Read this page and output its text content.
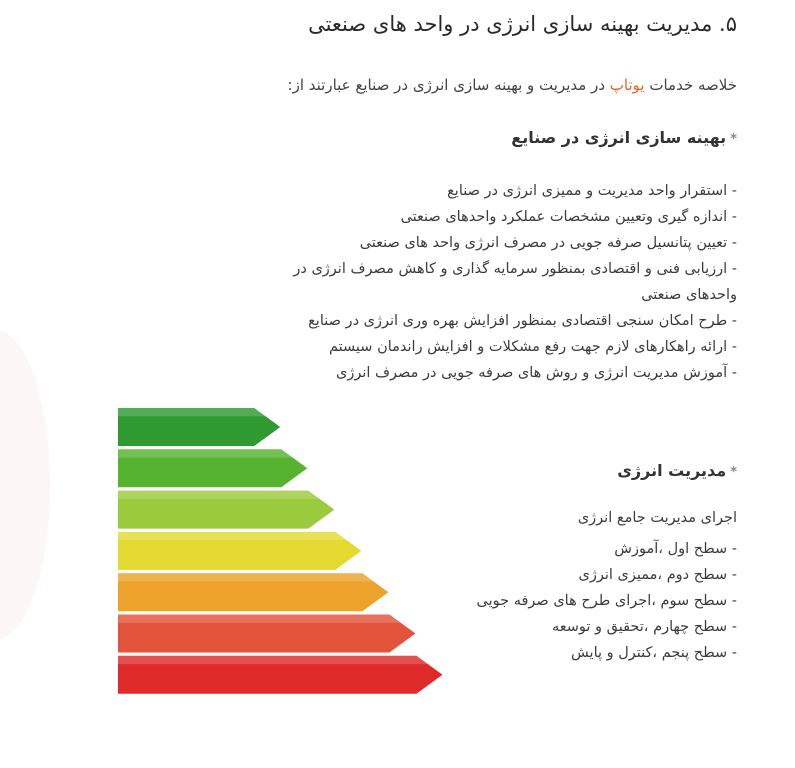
۵. مدیریت بهینه سازی انرژی در واحد های صنعتی
خلاصه خدمات یوتاپ در مدیریت و بهینه سازی انرژی در صنایع عبارتند از:
*بهینه سازی انرژی در صنایع
- استقرار واحد مدیریت و ممیزی انرژی در صنایع
- اندازه گیری وتعیین مشخصات عملکرد واحدهای صنعتی
- تعیین پتانسیل صرفه جویی در مصرف انرژی واحد های صنعتی
- ارزیابی فنی و اقتصادی بمنظور سرمایه گذاری و کاهش مصرف انرژی در واحدهای صنعتی
- طرح امکان سنجی اقتصادی بمنظور افزایش بهره وری انرژی در صنایع
- ارائه راهکارهای لازم جهت رفع مشکلات و افزایش راندمان سیستم
- آموزش مدیریت انرژی و روش های صرفه جویی در مصرف انرژی
*مدیریت انرژی
اجرای مدیریت جامع انرژی
- سطح اول ،آموزش
- سطح دوم ،ممیزی انرژی
- سطح سوم ،اجرای طرح های صرفه جویی
- سطح چهارم ،تحقیق و توسعه
- سطح پنجم ،کنترل و پایش
